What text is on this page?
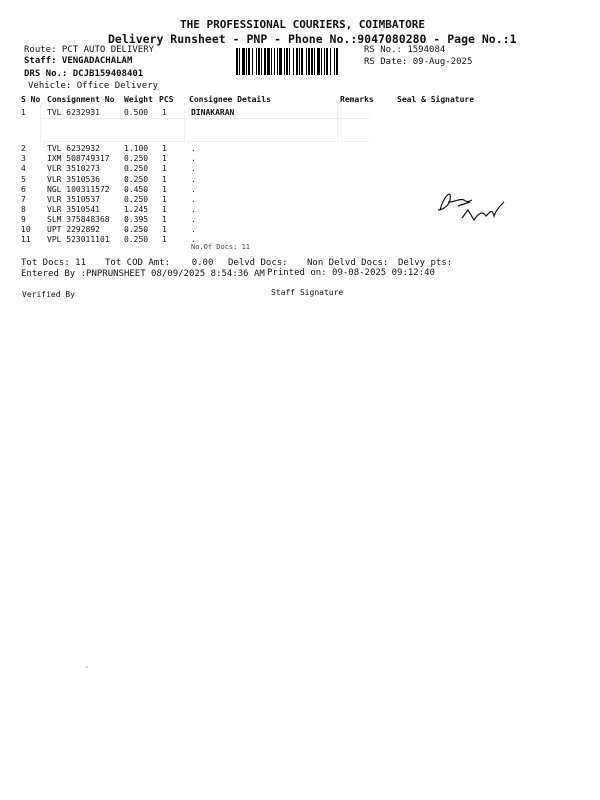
THE PROFESSIONAL COURIERS, COIMBATORE
Delivery Runsheet - PNP - Phone No.:9047080280 - Page No.:1
Route: PCT AUTO DELIVERY
Staff: VENGADACHALAM
DRS No.: DCJB159408401
Vehicle: Office Delivery
RS No.: 1594084
RS Date: 09-Aug-2025
S No Consignment No Weight PCS Consignee Details	Remarks	Seal & Signature
1	TVL 6232931	0.500 1	DINAKARAN
2	TVL 6232932	1.100 1	.
3	IXM 508749317 0.250 1	.
4	VLR 3510273	0.250 1	.
5	VLR 3510536	0.250 1	.
6	NGL 100311572 0.450 1	.
7	VLR 3510537	0.250 1	.
8	VLR 3510541	1.245 1	.
9	SLM 375848368 0.395 1	.
10 UPT 2292892	0.250 1	.
11 VPL 523011101 0.250 1	.
No.Of Docs: 11
Vali
Tot Docs: 11 Tot COD Amt:    0.00 Delvd Docs: Non Delvd Docs: Delvy pts:
Entered By :PNPRUNSHEET 08/09/2025 8:54:36 AM Printed on: 09-08-2025 09:12:40
Verified By	Staff Signature
